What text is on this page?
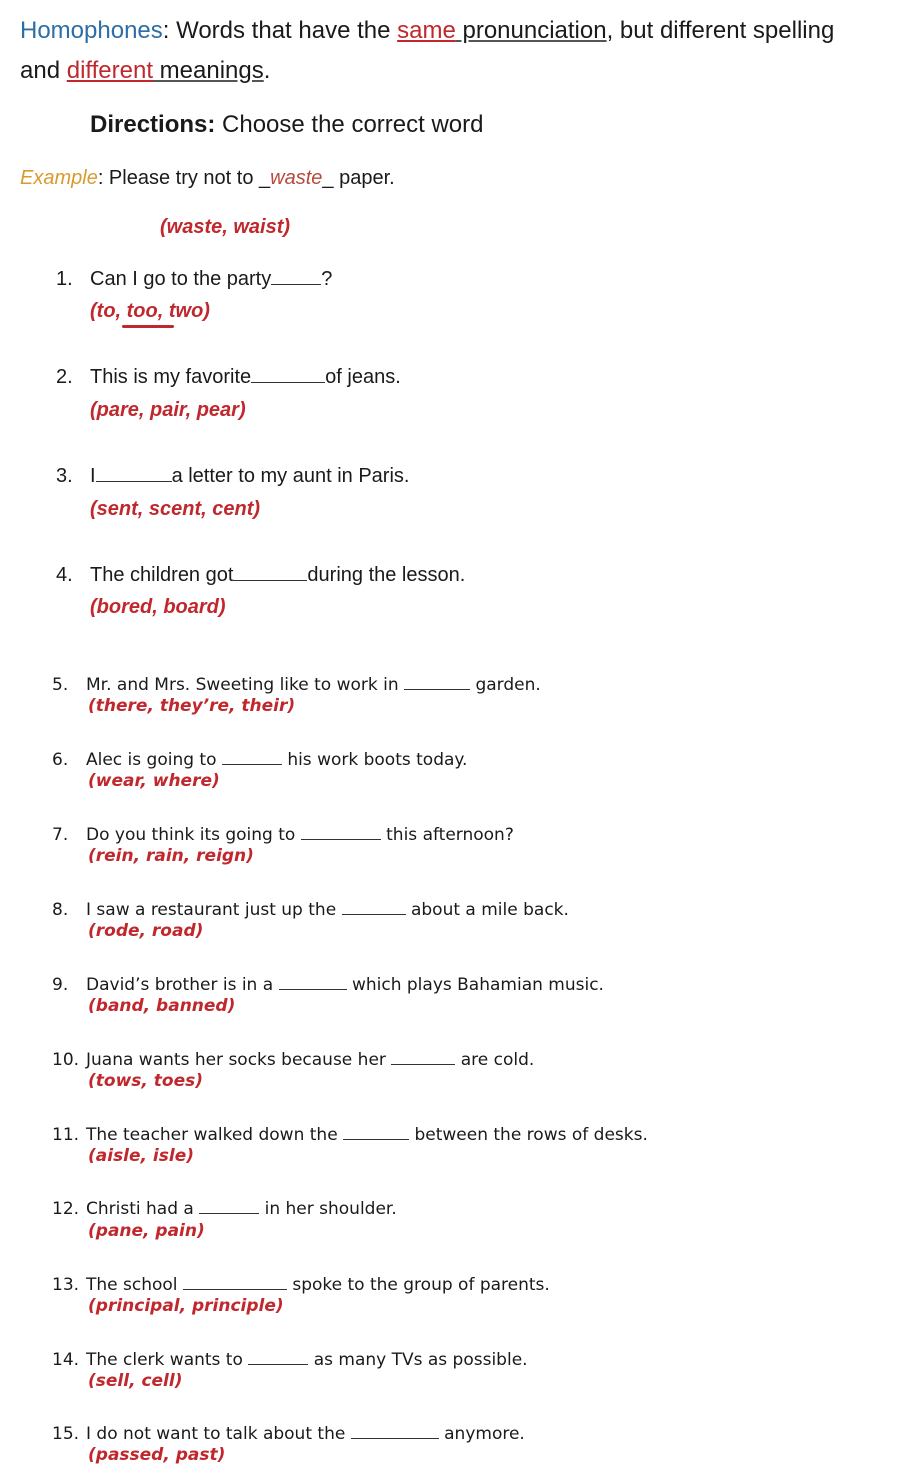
Homophones: Words that have the same pronunciation, but different spelling
and different meanings.
Directions: Choose the correct word
Example: Please try not to _waste_ paper.
(waste, waist)
1. Can I go to the party	?
(to, too, two)
2. This is my favorite	of jeans.
(pare, pair, pear)
3. I	a letter to my aunt in Paris.
(sent, scent, cent)
4. The children got	during the lesson.
(bored, board)
5. Mr. and Mrs. Sweeting like to work in	garden.
(there, they’re, their)
6. Alec is going to	his work boots today.
(wear, where)
7. Do you think its going to	this afternoon?
(rein, rain, reign)
8. I saw a restaurant just up the	about a mile back.
(rode, road)
9. David’s brother is in a	which plays Bahamian music.
(band, banned)
10. Juana wants her socks because her	are cold.
(tows, toes)
11. The teacher walked down the	between the rows of desks.
(aisle, isle)
12. Christi had a	in her shoulder.
(pane, pain)
13. The school	spoke to the group of parents.
(principal, principle)
14. The clerk wants to	as many TVs as possible.
(sell, cell)
15. I do not want to talk about the	anymore.
(passed, past)
